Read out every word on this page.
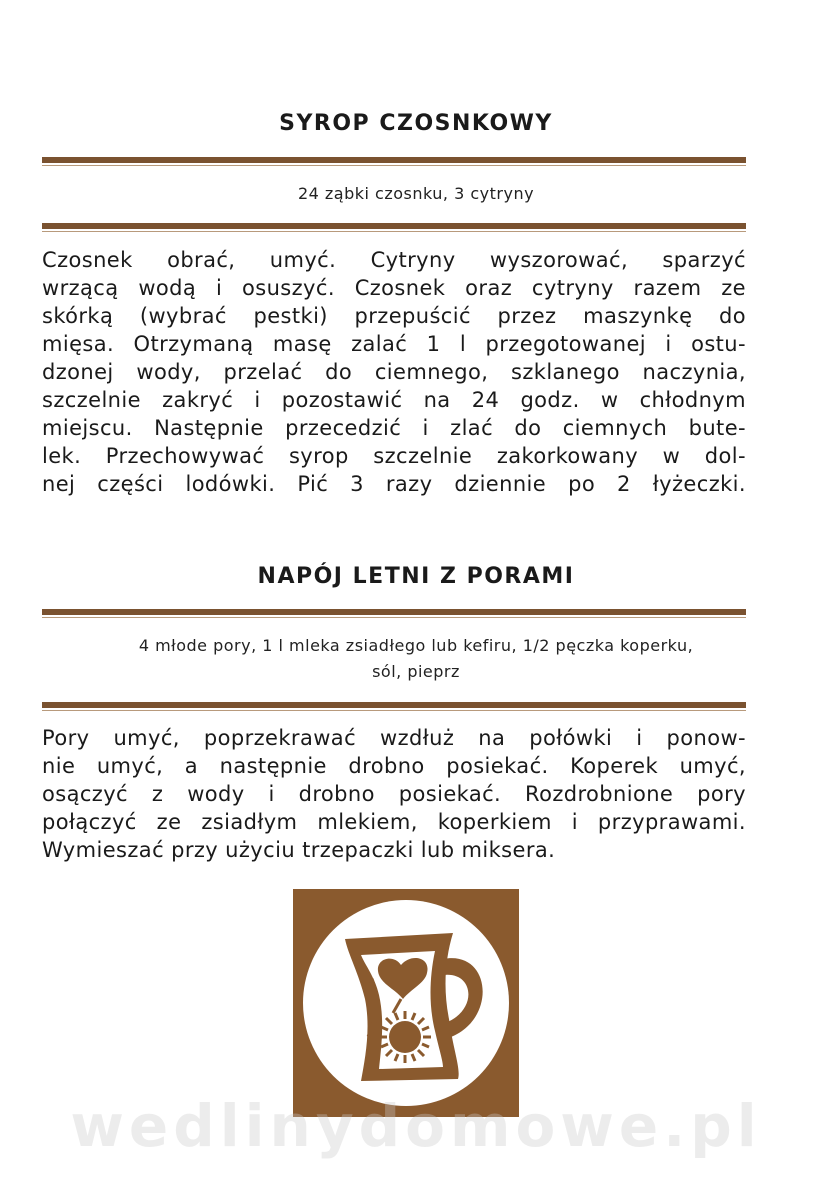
SYROP CZOSNKOWY
24 ząbki czosnku, 3 cytryny
Czosnek obrać, umyć. Cytryny wyszorować, sparzyć
wrzącą wodą i osuszyć. Czosnek oraz cytryny razem ze
skórką (wybrać pestki) przepuścić przez maszynkę do
mięsa. Otrzymaną masę zalać 1 l przegotowanej i ostu-
dzonej wody, przelać do ciemnego, szklanego naczynia,
szczelnie zakryć i pozostawić na 24 godz. w chłodnym
miejscu. Następnie przecedzić i zlać do ciemnych bute-
lek. Przechowywać syrop szczelnie zakorkowany w dol-
nej części lodówki. Pić 3 razy dziennie po 2 łyżeczki.
NAPÓJ LETNI Z PORAMI
4 młode pory, 1 l mleka zsiadłego lub kefiru, 1/2 pęczka koperku,
sól, pieprz
Pory umyć, poprzekrawać wzdłuż na połówki i ponow-
nie umyć, a następnie drobno posiekać. Koperek umyć,
osączyć z wody i drobno posiekać. Rozdrobnione pory
połączyć ze zsiadłym mlekiem, koperkiem i przyprawami.
Wymieszać przy użyciu trzepaczki lub miksera.
wedlinydomowe.pl
